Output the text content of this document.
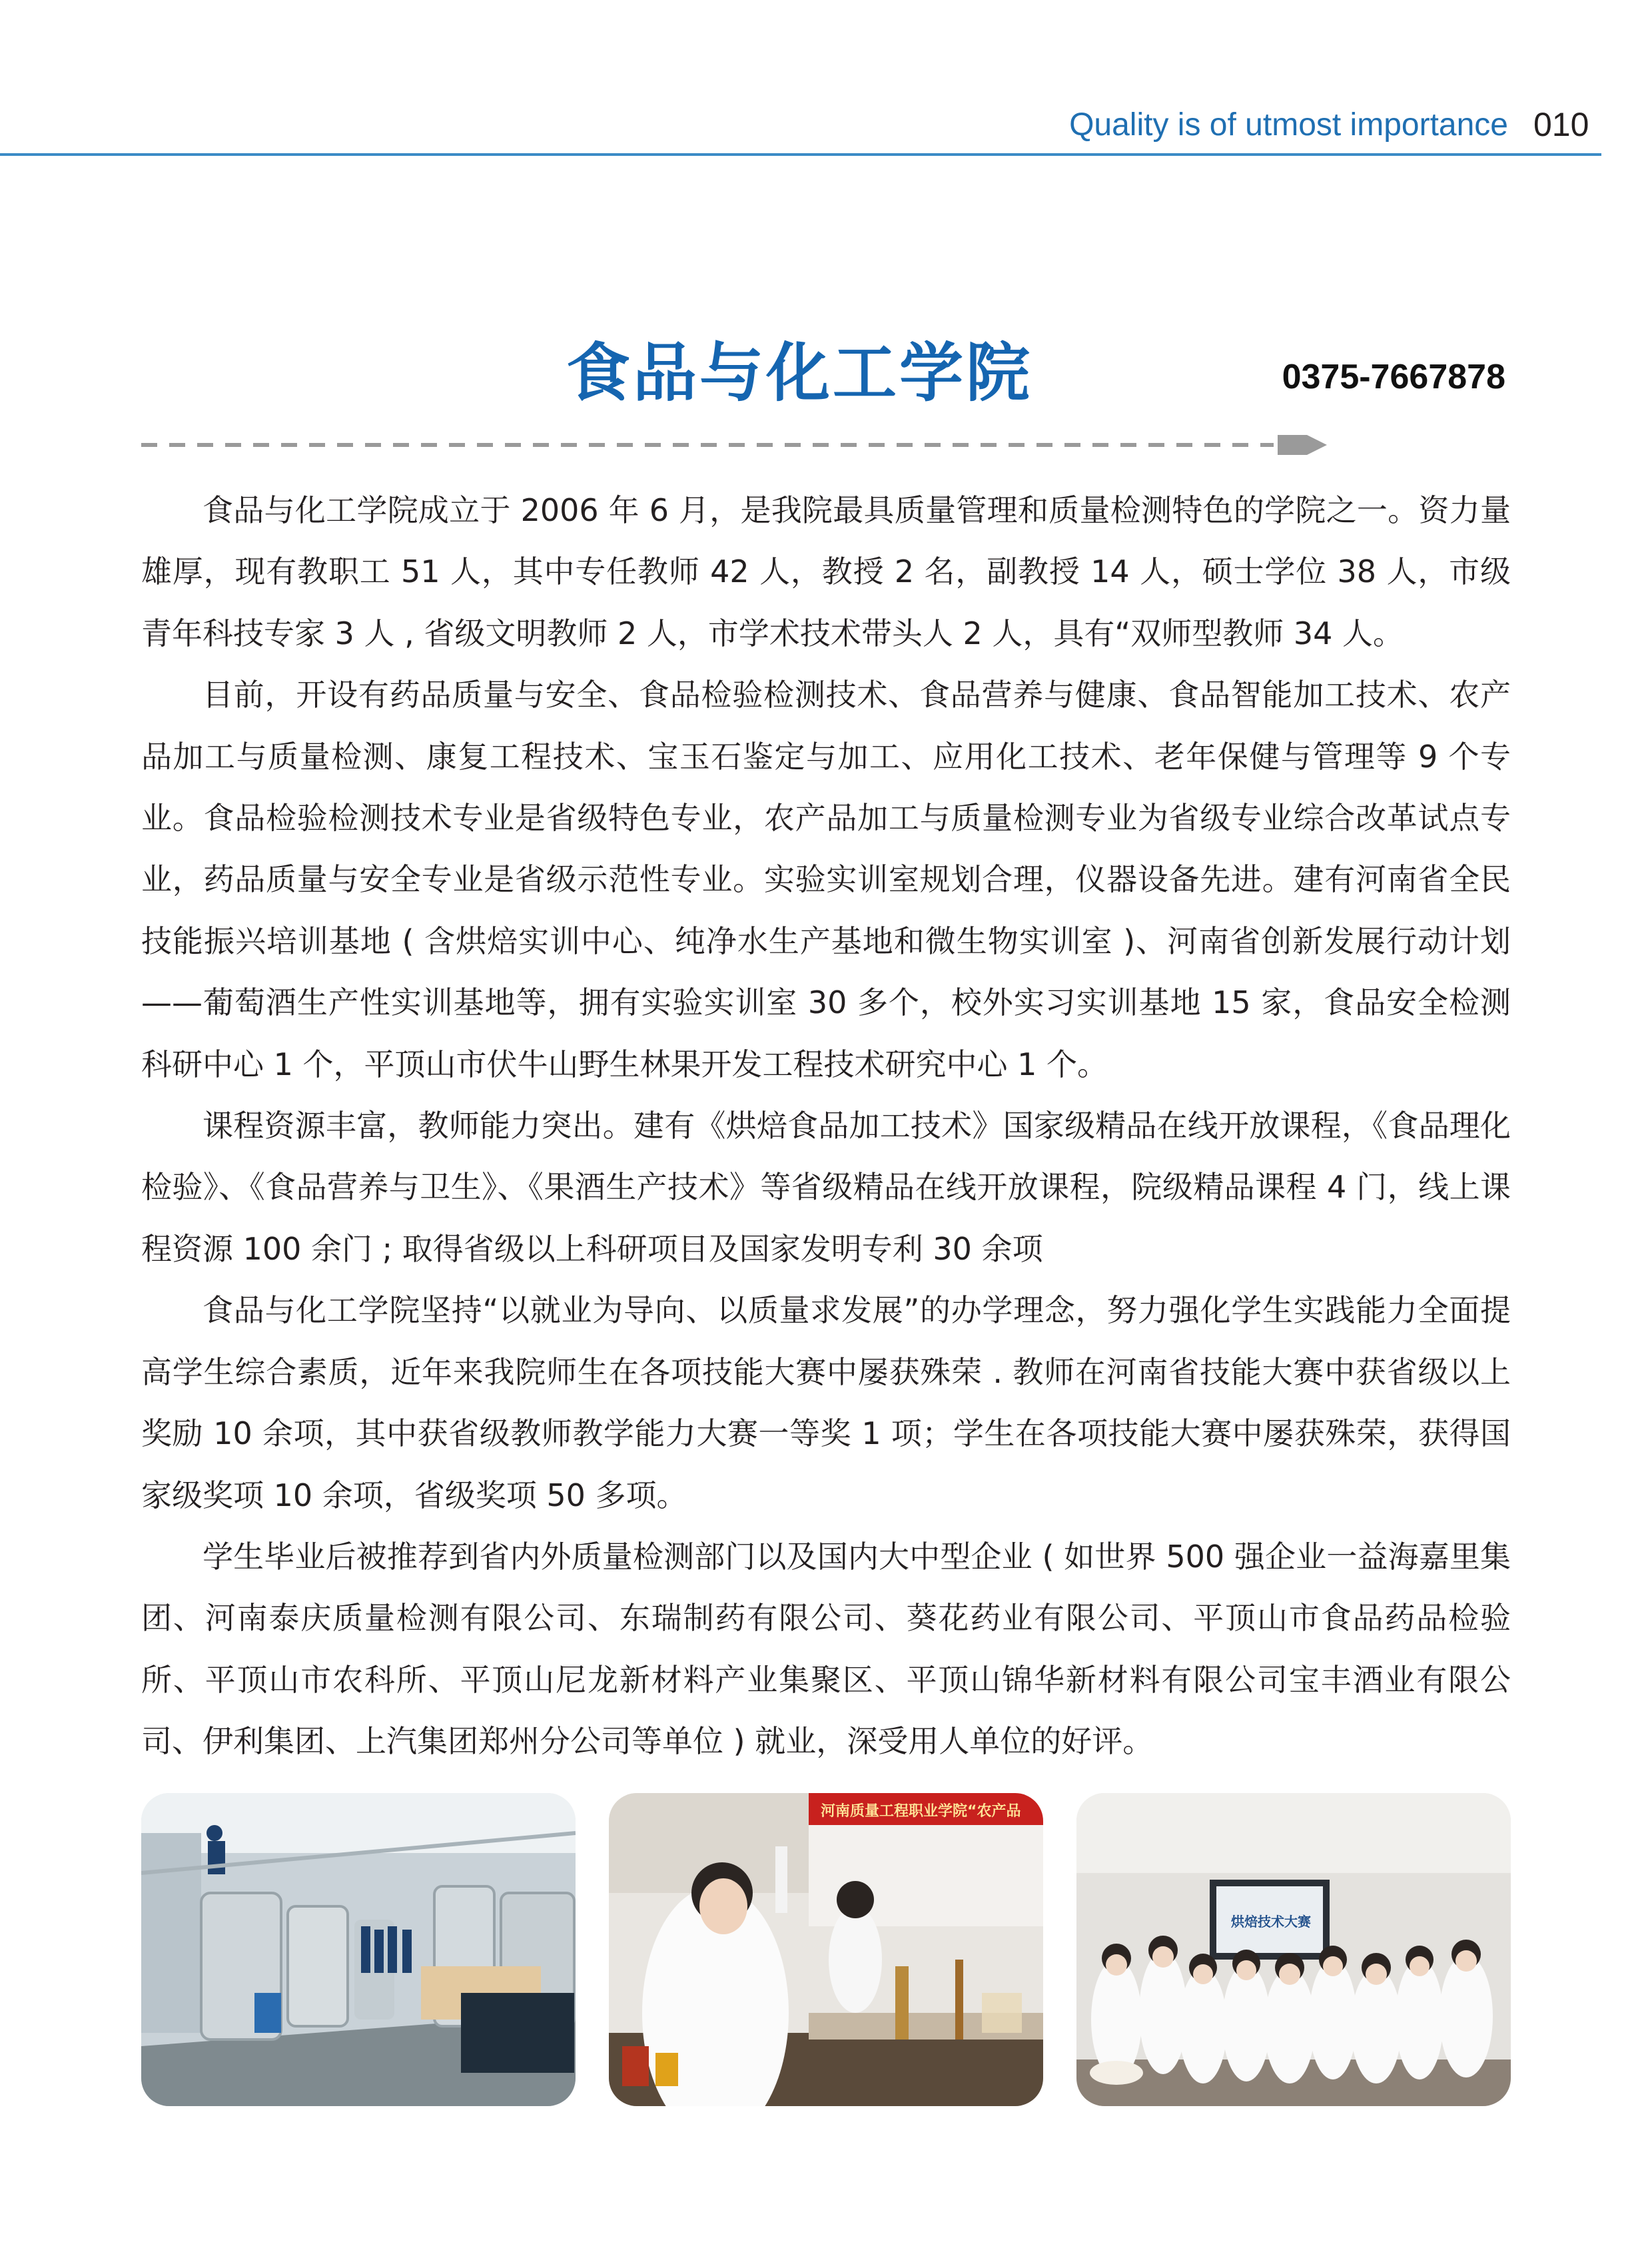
Quality is of utmost importance 010
食品与化工学院	0375-7667878

食品与化工学院成立于 2006 年 6 月，是我院最具质量管理和质量检测特色的学院之一。资力量雄厚，现有教职工 51 人，其中专任教师 42 人，教授 2 名，副教授 14 人，硕士学位 38 人，市级青年科技专家 3 人 , 省级文明教师 2 人，市学术技术带头人 2 人，具有“双师型教师 34 人。

目前，开设有药品质量与安全、食品检验检测技术、食品营养与健康、食品智能加工技术、农产品加工与质量检测、康复工程技术、宝玉石鉴定与加工、应用化工技术、老年保健与管理等 9 个专业。食品检验检测技术专业是省级特色专业，农产品加工与质量检测专业为省级专业综合改革试点专业，药品质量与安全专业是省级示范性专业。实验实训室规划合理，仪器设备先进。建有河南省全民技能振兴培训基地 ( 含烘焙实训中心、纯净水生产基地和微生物实训室 )、河南省创新发展行动计划——葡萄酒生产性实训基地等，拥有实验实训室 30 多个，校外实习实训基地 15 家，食品安全检测科研中心 1 个，平顶山市伏牛山野生林果开发工程技术研究中心 1 个。

课程资源丰富，教师能力突出。建有《烘焙食品加工技术》国家级精品在线开放课程，《食品理化检验》、《食品营养与卫生》、《果酒生产技术》等省级精品在线开放课程，院级精品课程 4 门，线上课程资源 100 余门 ; 取得省级以上科研项目及国家发明专利 30 余项

食品与化工学院坚持“以就业为导向、以质量求发展”的办学理念，努力强化学生实践能力全面提高学生综合素质，近年来我院师生在各项技能大赛中屡获殊荣 . 教师在河南省技能大赛中获省级以上奖励 10 余项，其中获省级教师教学能力大赛一等奖 1 项；学生在各项技能大赛中屡获殊荣，获得国家级奖项 10 余项，省级奖项 50 多项。

学生毕业后被推荐到省内外质量检测部门以及国内大中型企业 ( 如世界 500 强企业一益海嘉里集团、河南泰庆质量检测有限公司、东瑞制药有限公司、葵花药业有限公司、平顶山市食品药品检验所、平顶山市农科所、平顶山尼龙新材料产业集聚区、平顶山锦华新材料有限公司宝丰酒业有限公司、伊利集团、上汽集团郑州分公司等单位 ) 就业，深受用人单位的好评。

河南质量工程职业学院“农产品
烘焙技术大赛
